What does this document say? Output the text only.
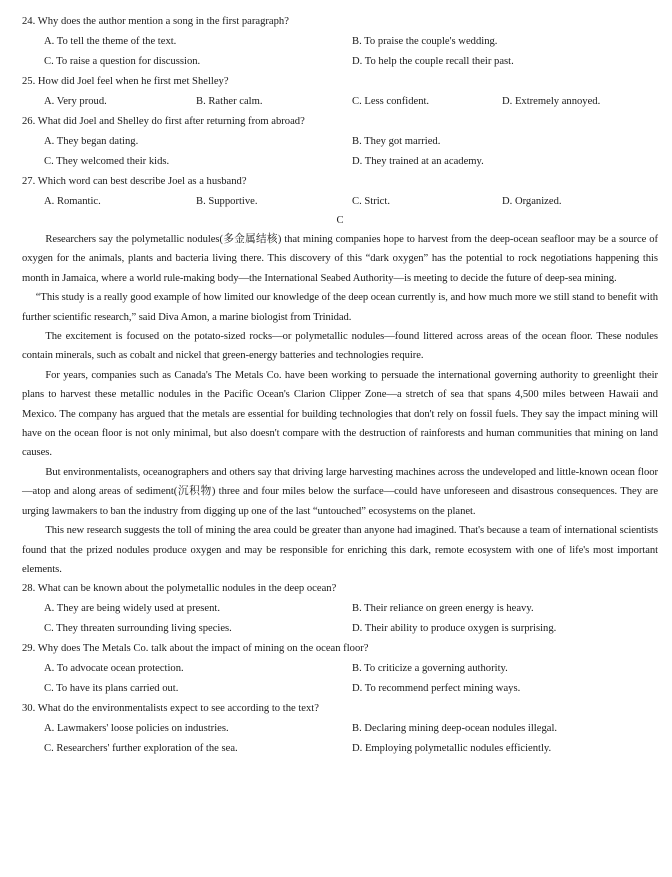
24. Why does the author mention a song in the first paragraph?

A. To tell the theme of the text.	B. To praise the couple's wedding.
C. To raise a question for discussion.	D. To help the couple recall their past.

25. How did Joel feel when he first met Shelley?

A. Very proud.	B. Rather calm.	C. Less confident.	D. Extremely annoyed.

26. What did Joel and Shelley do first after returning from abroad?

A. They began dating.	B. They got married.
C. They welcomed their kids.	D. They trained at an academy.

27. Which word can best describe Joel as a husband?

A. Romantic.	B. Supportive.	C. Strict.	D. Organized.

C

Researchers say the polymetallic nodules(多金属结核) that mining companies hope to harvest from the deep-ocean seafloor may be a source of oxygen for the animals, plants and bacteria living there. This discovery of this “dark oxygen” has the potential to rock negotiations happening this month in Jamaica, where a world rule-making body—the International Seabed Authority—is meeting to decide the future of deep-sea mining.

“This study is a really good example of how limited our knowledge of the deep ocean currently is, and how much more we still stand to benefit with further scientific research,” said Diva Amon, a marine biologist from Trinidad.

The excitement is focused on the potato-sized rocks—or polymetallic nodules—found littered across areas of the ocean floor. These nodules contain minerals, such as cobalt and nickel that green-energy batteries and technologies require.

For years, companies such as Canada's The Metals Co. have been working to persuade the international governing authority to greenlight their plans to harvest these metallic nodules in the Pacific Ocean's Clarion Clipper Zone—a stretch of sea that spans 4,500 miles between Hawaii and Mexico. The company has argued that the metals are essential for building technologies that don't rely on fossil fuels. They say the impact mining will have on the ocean floor is not only minimal, but also doesn't compare with the destruction of rainforests and human communities that mining on land causes.

But environmentalists, oceanographers and others say that driving large harvesting machines across the undeveloped and little-known ocean floor—atop and along areas of sediment(沉积物) three and four miles below the surface—could have unforeseen and disastrous consequences. They are urging lawmakers to ban the industry from digging up one of the last “untouched” ecosystems on the planet.

This new research suggests the toll of mining the area could be greater than anyone had imagined. That's because a team of international scientists found that the prized nodules produce oxygen and may be responsible for enriching this dark, remote ecosystem with one of life's most important elements.

28. What can be known about the polymetallic nodules in the deep ocean?

A. They are being widely used at present.	B. Their reliance on green energy is heavy.
C. They threaten surrounding living species.	D. Their ability to produce oxygen is surprising.

29. Why does The Metals Co. talk about the impact of mining on the ocean floor?

A. To advocate ocean protection.	B. To criticize a governing authority.
C. To have its plans carried out.	D. To recommend perfect mining ways.

30. What do the environmentalists expect to see according to the text?

A. Lawmakers' loose policies on industries.	B. Declaring mining deep-ocean nodules illegal.
C. Researchers' further exploration of the sea.	D. Employing polymetallic nodules efficiently.
